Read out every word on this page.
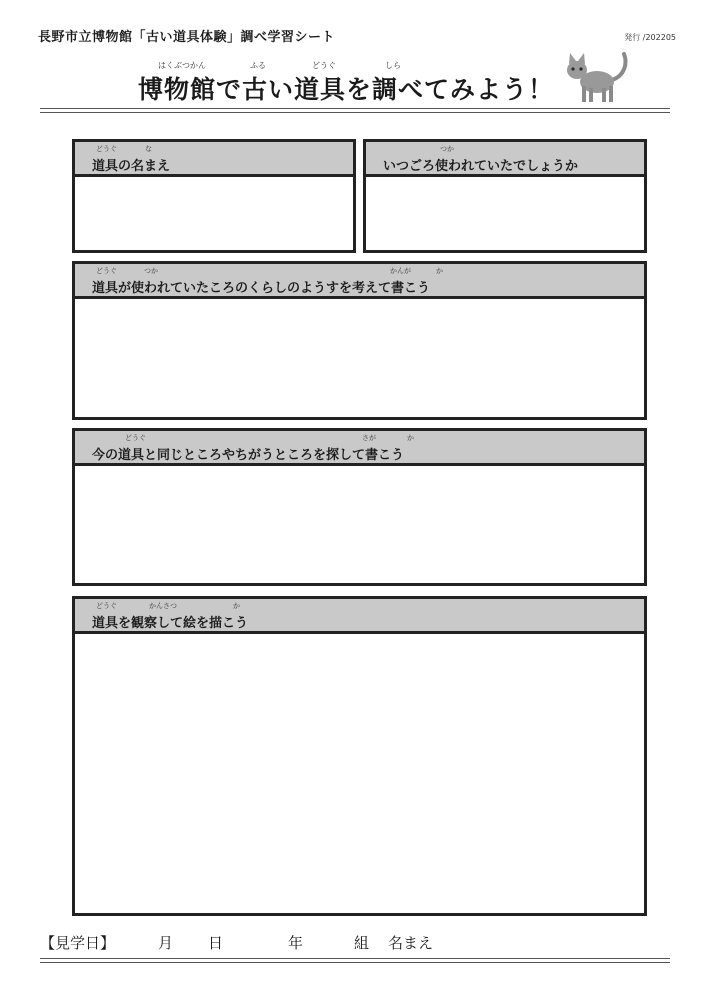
長野市立博物館「古い道具体験」調べ学習シート	発行 /202205
はくぶつかん	ふる	どうぐ	しら
博物館で古い道具を調べてみよう！
どうぐ	な
道具の名まえ
つか
いつごろ使われていたでしょうか
どうぐ	つか	かんが	か
道具が使われていたころのくらしのようすを考えて書こう
どうぐ	さが	か
今の道具と同じところやちがうところを探して書こう
どうぐ	かんさつ	か
道具を観察して絵を描こう
【見学日】	月 日	年	組 名まえ
